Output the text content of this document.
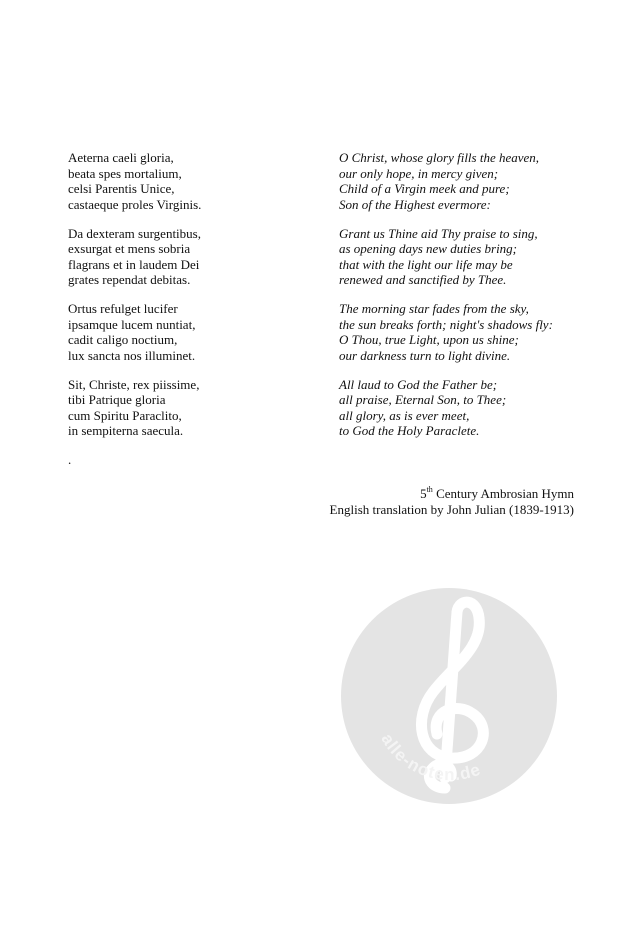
Aeterna caeli gloria,
beata spes mortalium,
celsi Parentis Unice,
castaeque proles Virginis.
Da dexteram surgentibus,
exsurgat et mens sobria
flagrans et in laudem Dei
grates rependat debitas.
Ortus refulget lucifer
ipsamque lucem nuntiat,
cadit caligo noctium,
lux sancta nos illuminet.
Sit, Christe, rex piissime,
tibi Patrique gloria
cum Spiritu Paraclito,
in sempiterna saecula.
O Christ, whose glory fills the heaven,
our only hope, in mercy given;
Child of a Virgin meek and pure;
Son of the Highest evermore:
Grant us Thine aid Thy praise to sing,
as opening days new duties bring;
that with the light our life may be
renewed and sanctified by Thee.
The morning star fades from the sky,
the sun breaks forth; night's shadows fly:
O Thou, true Light, upon us shine;
our darkness turn to light divine.
All laud to God the Father be;
all praise, Eternal Son, to Thee;
all glory, as is ever meet,
to God the Holy Paraclete.
.
5th Century Ambrosian Hymn
English translation by John Julian (1839-1913)
alle-noten.de
